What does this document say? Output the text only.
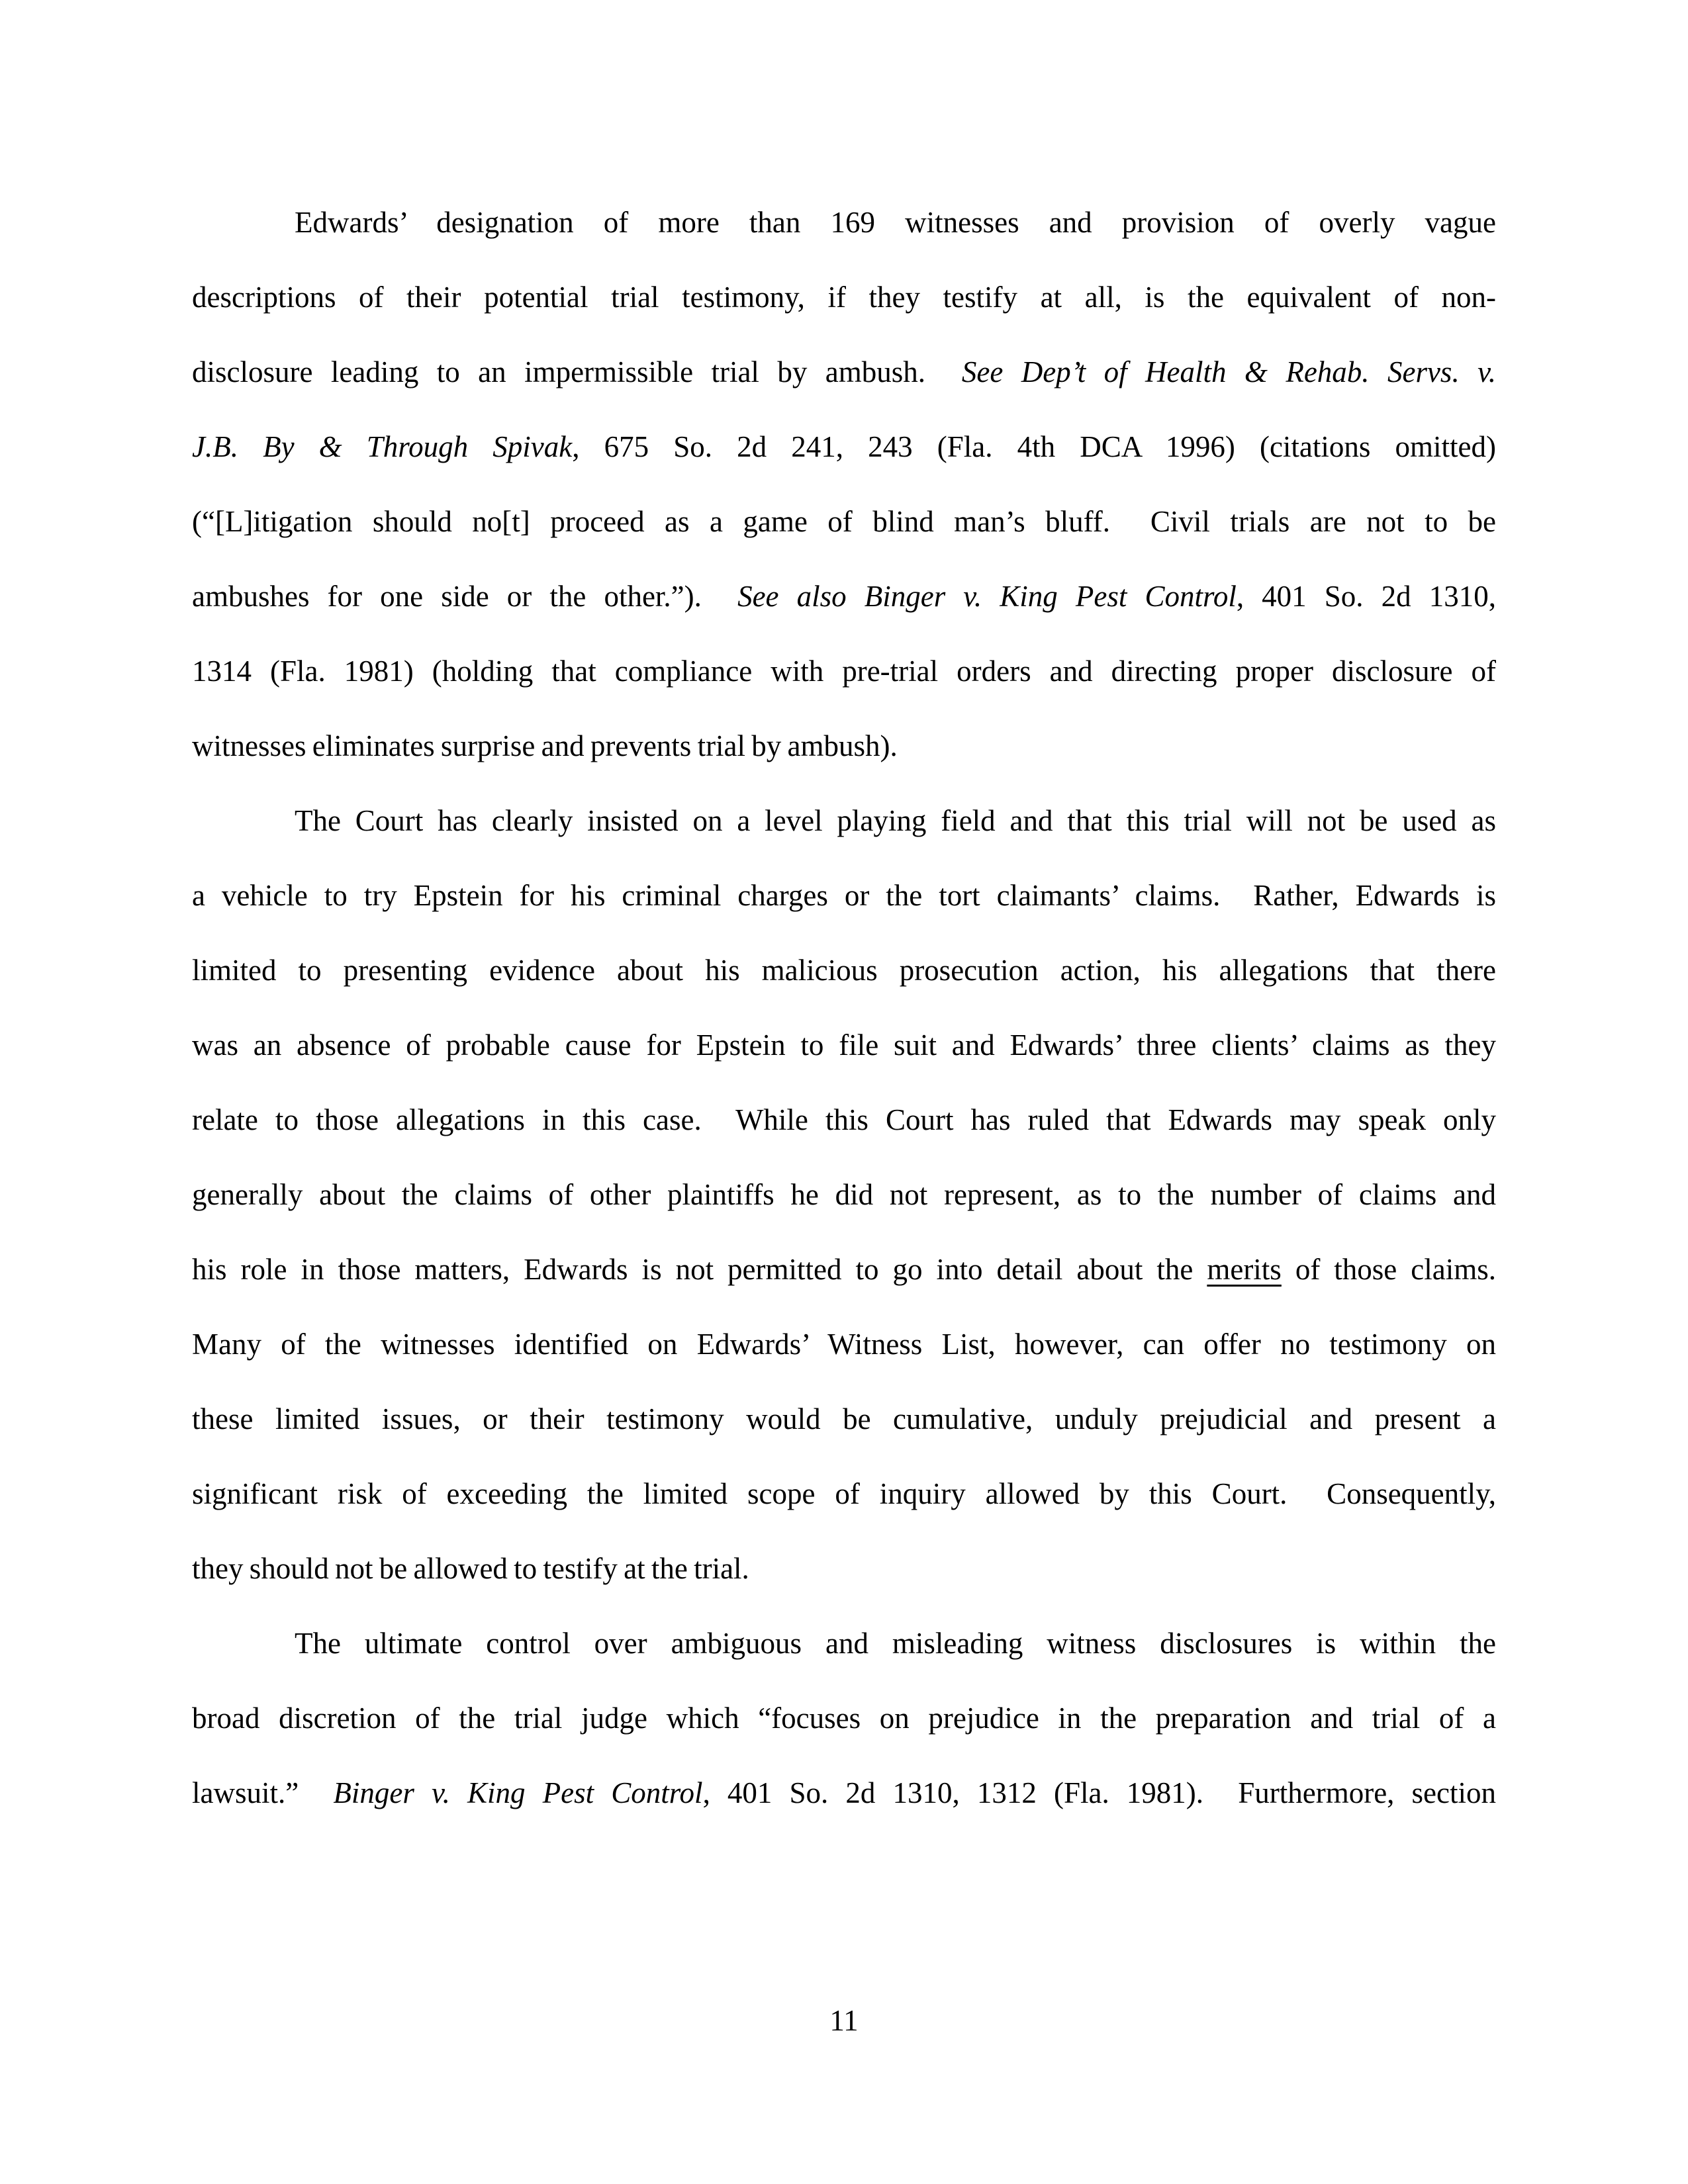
Edwards’ designation of more than 169 witnesses and provision of overly vague
descriptions of their potential trial testimony, if they testify at all, is the equivalent of non-
disclosure leading to an impermissible trial by ambush.  See Dep’t of Health & Rehab. Servs. v.
J.B. By & Through Spivak, 675 So. 2d 241, 243 (Fla. 4th DCA 1996) (citations omitted)
(“[L]itigation should no[t] proceed as a game of blind man’s bluff.  Civil trials are not to be
ambushes for one side or the other.”).  See also Binger v. King Pest Control, 401 So. 2d 1310,
1314 (Fla. 1981) (holding that compliance with pre-trial orders and directing proper disclosure of
witnesses eliminates surprise and prevents trial by ambush).
The Court has clearly insisted on a level playing field and that this trial will not be used as
a vehicle to try Epstein for his criminal charges or the tort claimants’ claims.  Rather, Edwards is
limited to presenting evidence about his malicious prosecution action, his allegations that there
was an absence of probable cause for Epstein to file suit and Edwards’ three clients’ claims as they
relate to those allegations in this case.  While this Court has ruled that Edwards may speak only
generally about the claims of other plaintiffs he did not represent, as to the number of claims and
his role in those matters, Edwards is not permitted to go into detail about the merits of those claims.
Many of the witnesses identified on Edwards’ Witness List, however, can offer no testimony on
these limited issues, or their testimony would be cumulative, unduly prejudicial and present a
significant risk of exceeding the limited scope of inquiry allowed by this Court.  Consequently,
they should not be allowed to testify at the trial.
The ultimate control over ambiguous and misleading witness disclosures is within the
broad discretion of the trial judge which “focuses on prejudice in the preparation and trial of a
lawsuit.”  Binger v. King Pest Control, 401 So. 2d 1310, 1312 (Fla. 1981).  Furthermore, section
11
